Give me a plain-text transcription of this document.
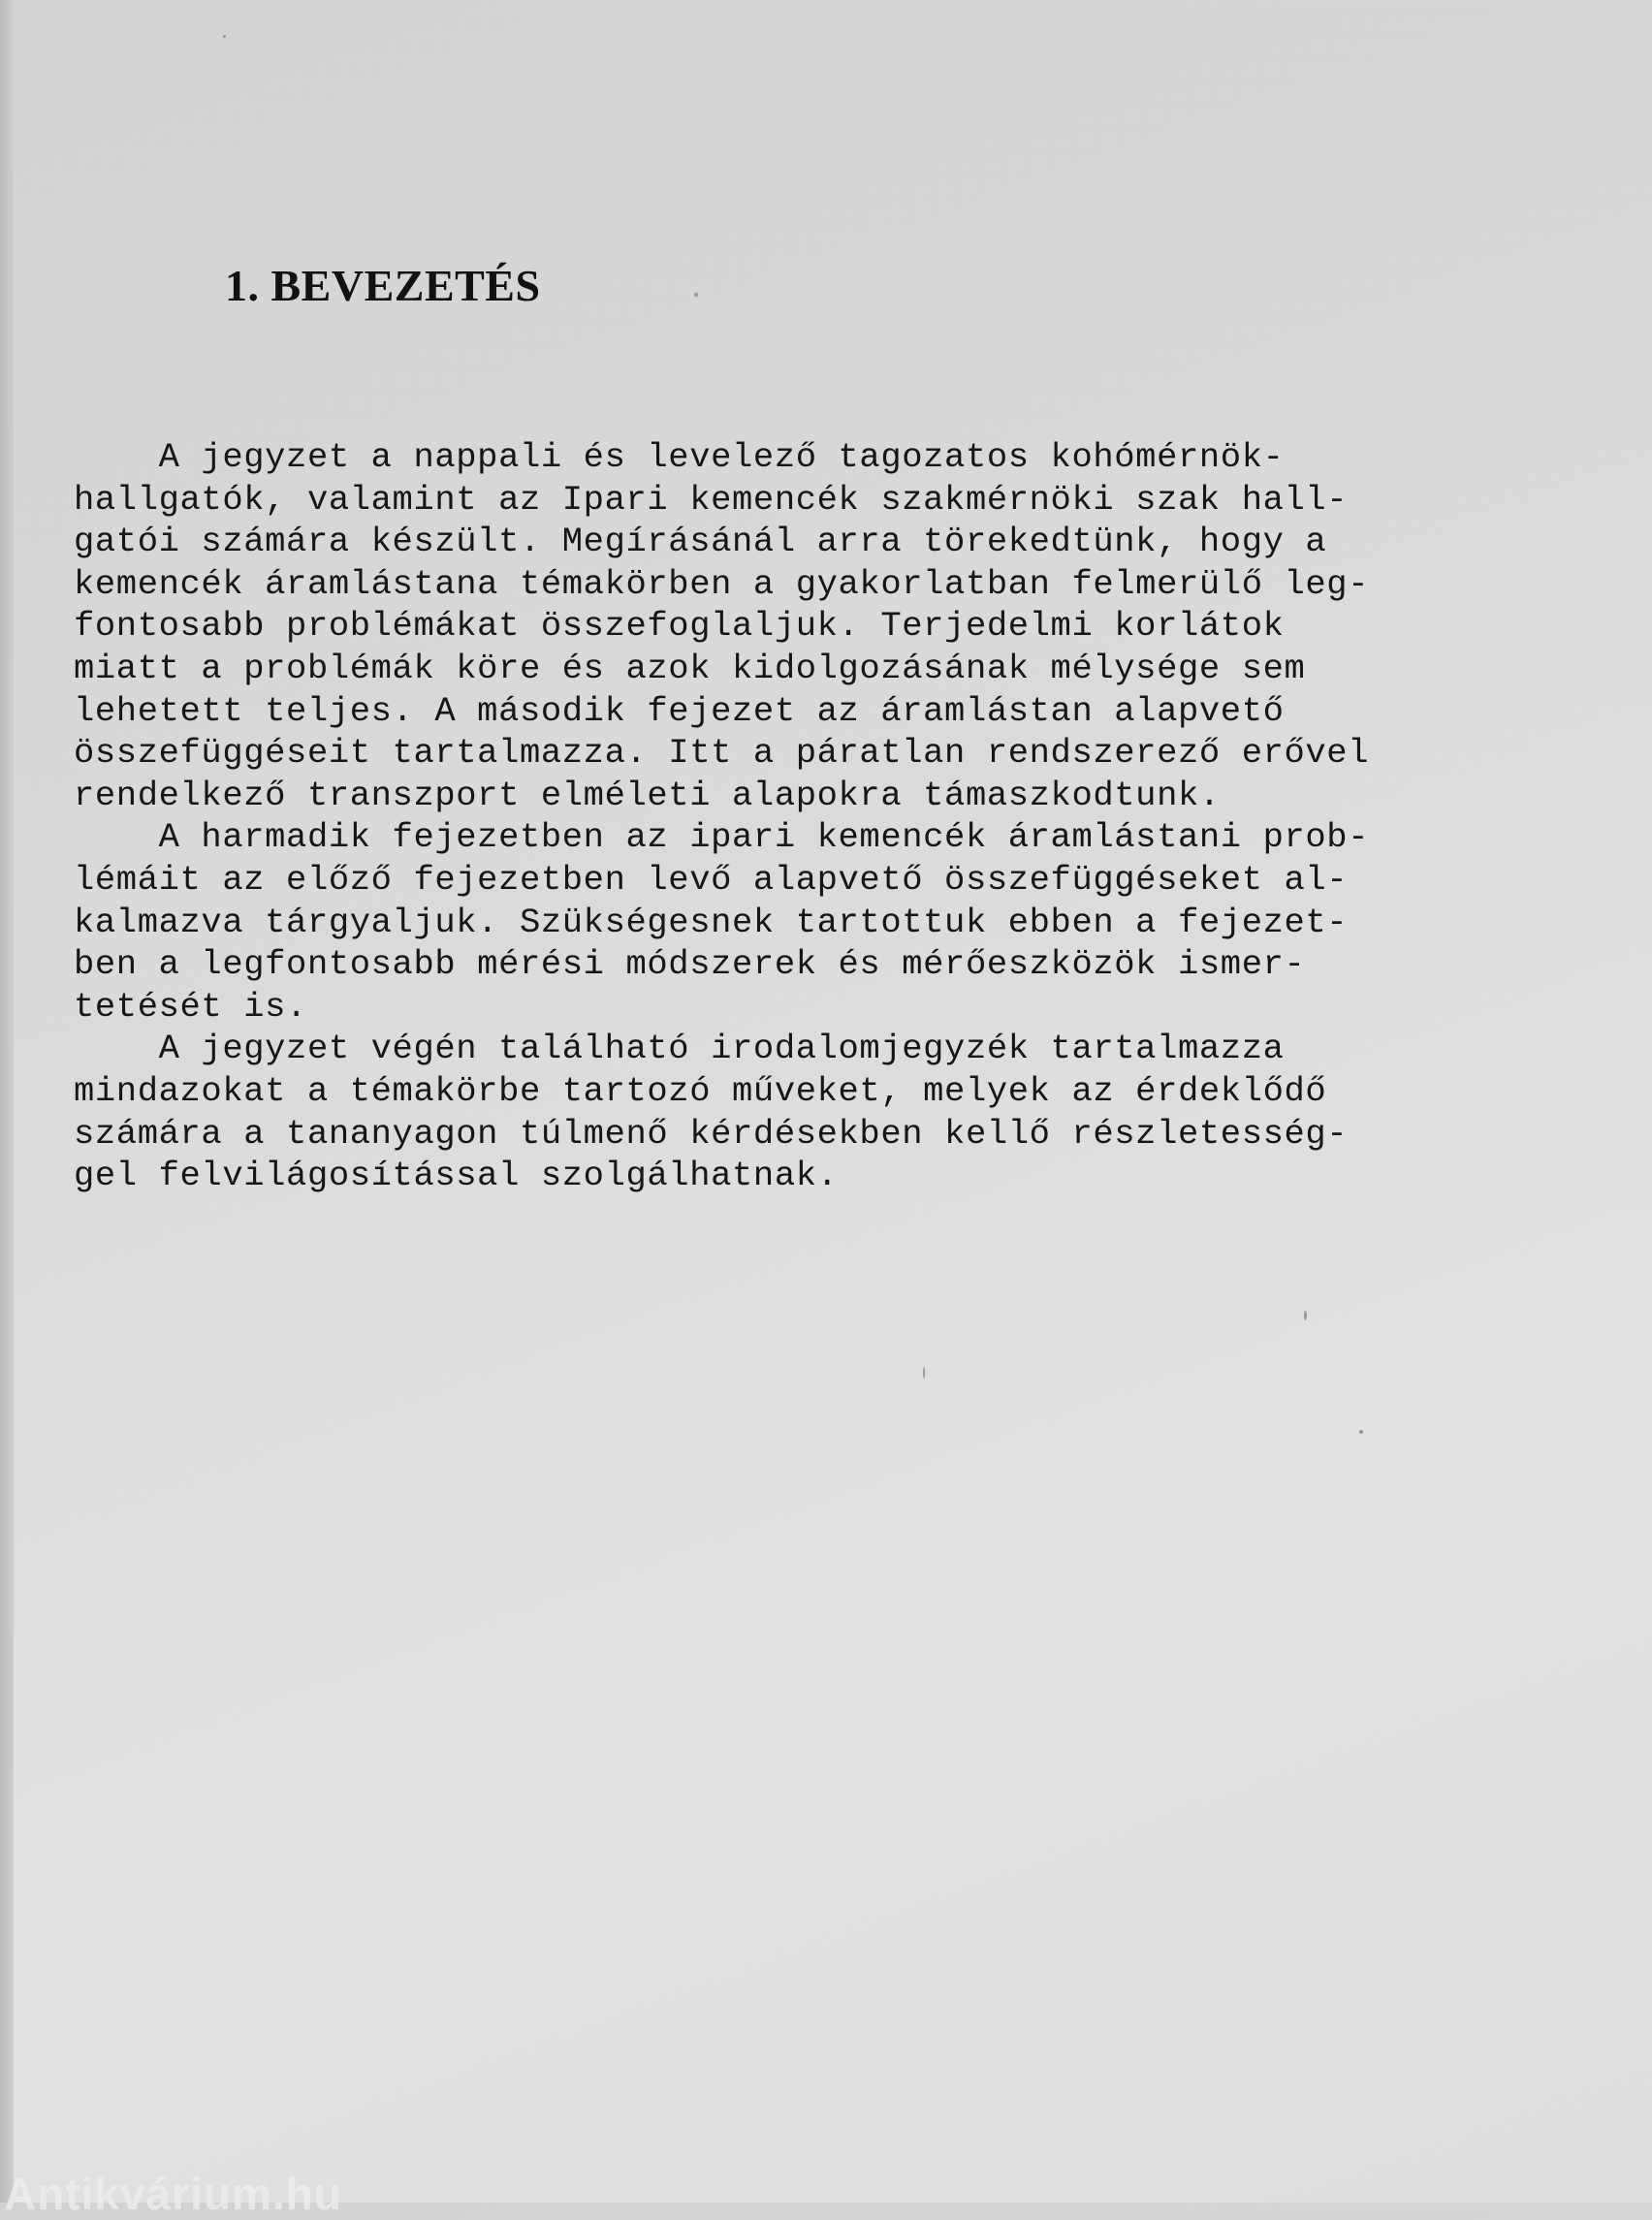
1. BEVEZETÉS
A jegyzet a nappali és levelező tagozatos kohómérnök-
hallgatók, valamint az Ipari kemencék szakmérnöki szak hall-
gatói számára készült. Megírásánál arra törekedtünk, hogy a
kemencék áramlástana témakörben a gyakorlatban felmerülő leg-
fontosabb problémákat összefoglaljuk. Terjedelmi korlátok
miatt a problémák köre és azok kidolgozásának mélysége sem
lehetett teljes. A második fejezet az áramlástan alapvető
összefüggéseit tartalmazza. Itt a páratlan rendszerező erővel
rendelkező transzport elméleti alapokra támaszkodtunk.
A harmadik fejezetben az ipari kemencék áramlástani prob-
lémáit az előző fejezetben levő alapvető összefüggéseket al-
kalmazva tárgyaljuk. Szükségesnek tartottuk ebben a fejezet-
ben a legfontosabb mérési módszerek és mérőeszközök ismer-
tetését is.
A jegyzet végén található irodalomjegyzék tartalmazza
mindazokat a témakörbe tartozó műveket, melyek az érdeklődő
számára a tananyagon túlmenő kérdésekben kellő részletesség-
gel felvilágosítással szolgálhatnak.
Antikvárium.hu
